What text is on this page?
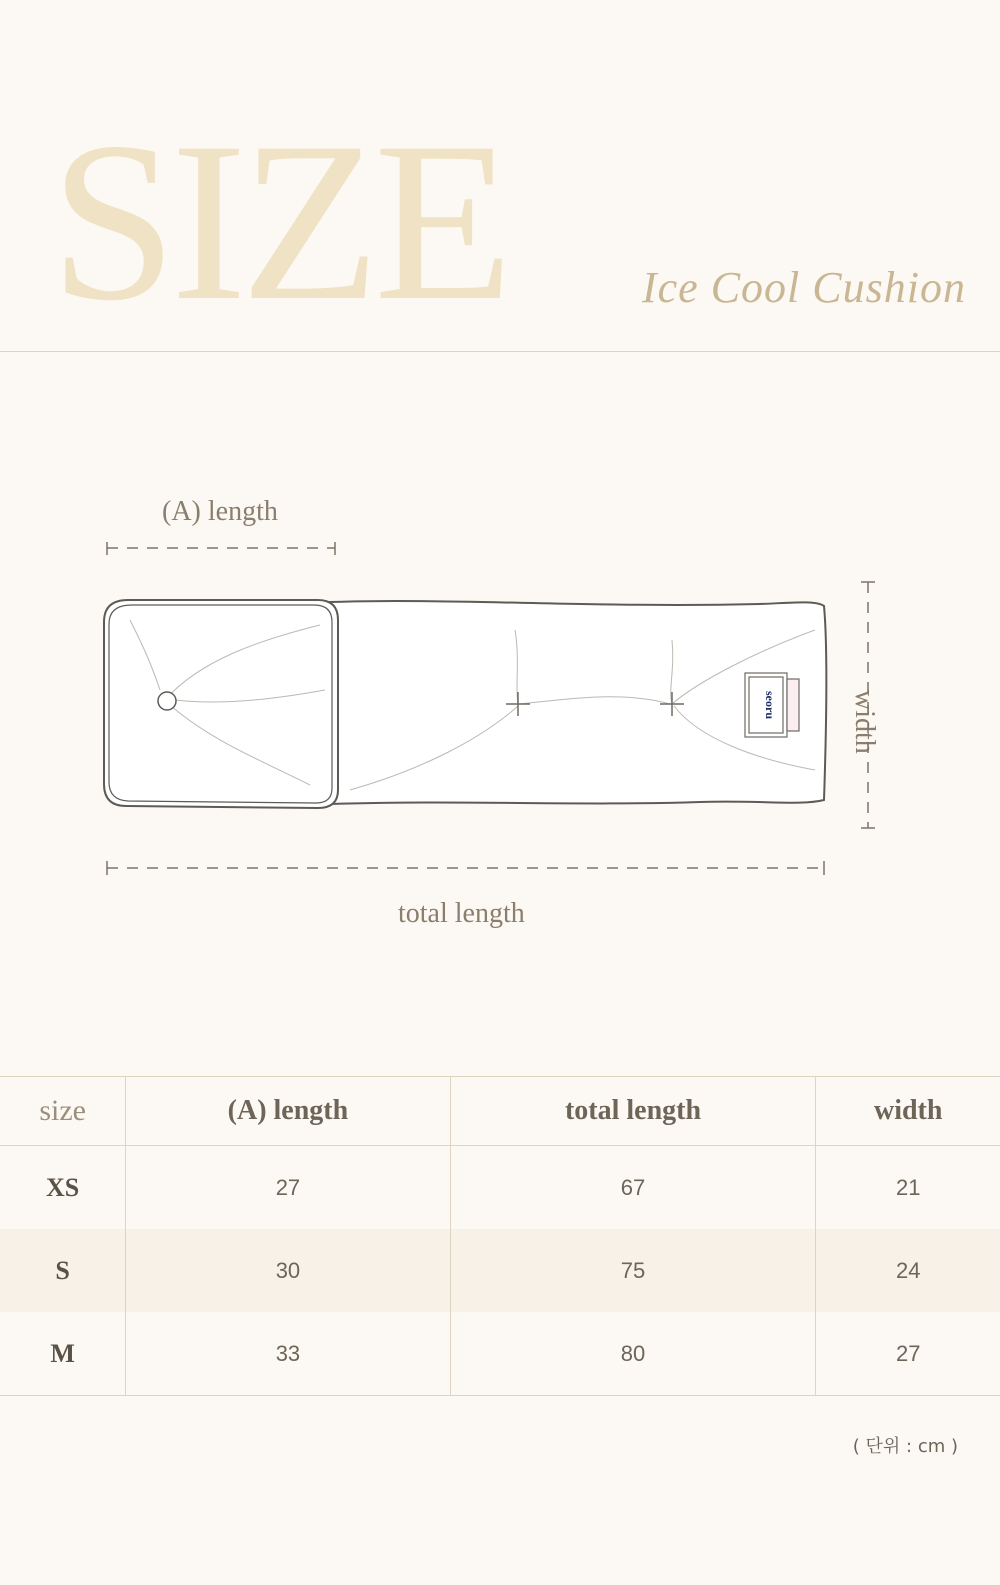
SIZE	Ice Cool Cushion
(A) length
total length
width
seoru
size	(A) length	total length	width
XS	27	67	21
S	30	75	24
M	33	80	27
( 단위 : cm )
